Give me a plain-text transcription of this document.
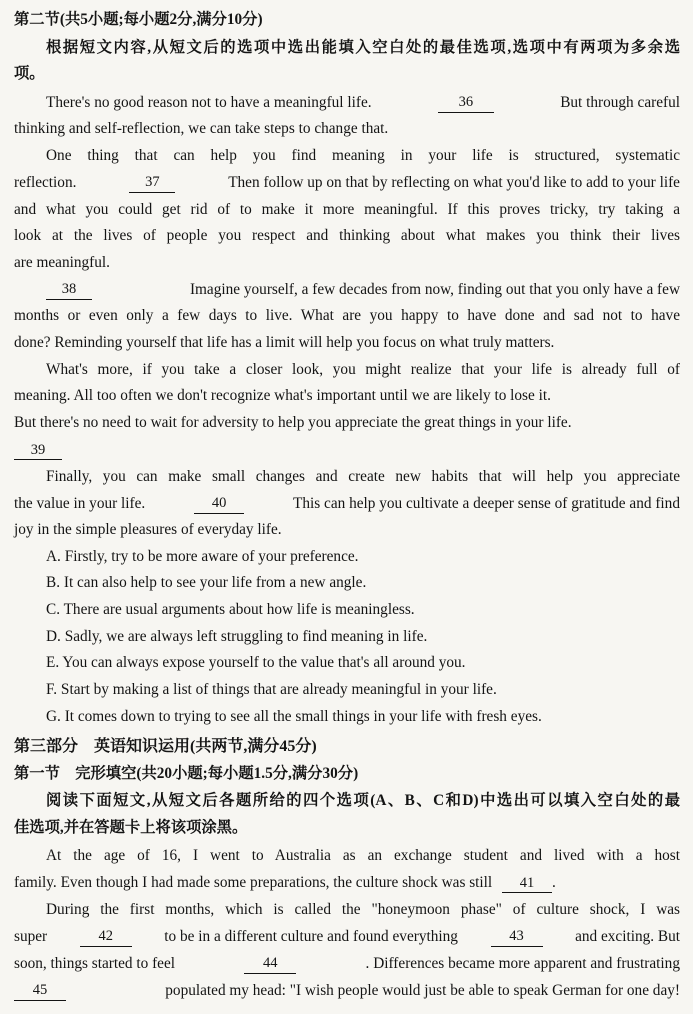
第二节(共5小题;每小题2分,满分10分)
根据短文内容,从短文后的选项中选出能填入空白处的最佳选项,选项中有两项为多余选
项。
There's no good reason not to have a meaningful life.	36	But through careful
thinking and self-reflection, we can take steps to change that.
One thing that can help you find meaning in your life is structured, systematic
reflection.	37	Then follow up on that by reflecting on what you'd like to add to your life
and what you could get rid of to make it more meaningful. If this proves tricky, try taking a
look at the lives of people you respect and thinking about what makes you think their lives
are meaningful.
38	Imagine yourself, a few decades from now, finding out that you only have a few
months or even only a few days to live. What are you happy to have done and sad not to have
done? Reminding yourself that life has a limit will help you focus on what truly matters.
What's more, if you take a closer look, you might realize that your life is already full of
meaning. All too often we don't recognize what's important until we are likely to lose it.
But there's no need to wait for adversity to help you appreciate the great things in your life.
39
Finally, you can make small changes and create new habits that will help you appreciate
the value in your life.	40	This can help you cultivate a deeper sense of gratitude and find
joy in the simple pleasures of everyday life.
A. Firstly, try to be more aware of your preference.
B. It can also help to see your life from a new angle.
C. There are usual arguments about how life is meaningless.
D. Sadly, we are always left struggling to find meaning in life.
E. You can always expose yourself to the value that's all around you.
F. Start by making a list of things that are already meaningful in your life.
G. It comes down to trying to see all the small things in your life with fresh eyes.
第三部分　英语知识运用(共两节,满分45分)
第一节　完形填空(共20小题;每小题1.5分,满分30分)
阅读下面短文,从短文后各题所给的四个选项(A、B、C和D)中选出可以填入空白处的最
佳选项,并在答题卡上将该项涂黑。
At the age of 16, I went to Australia as an exchange student and lived with a host
family. Even though I had made some preparations, the culture shock was still 41 .
During the first months, which is called the "honeymoon phase" of culture shock, I was
super	42	to be in a different culture and found everything	43	and exciting. But
soon, things started to feel	44	. Differences became more apparent and frustrating
45	populated my head: "I wish people would just be able to speak German for one day!
